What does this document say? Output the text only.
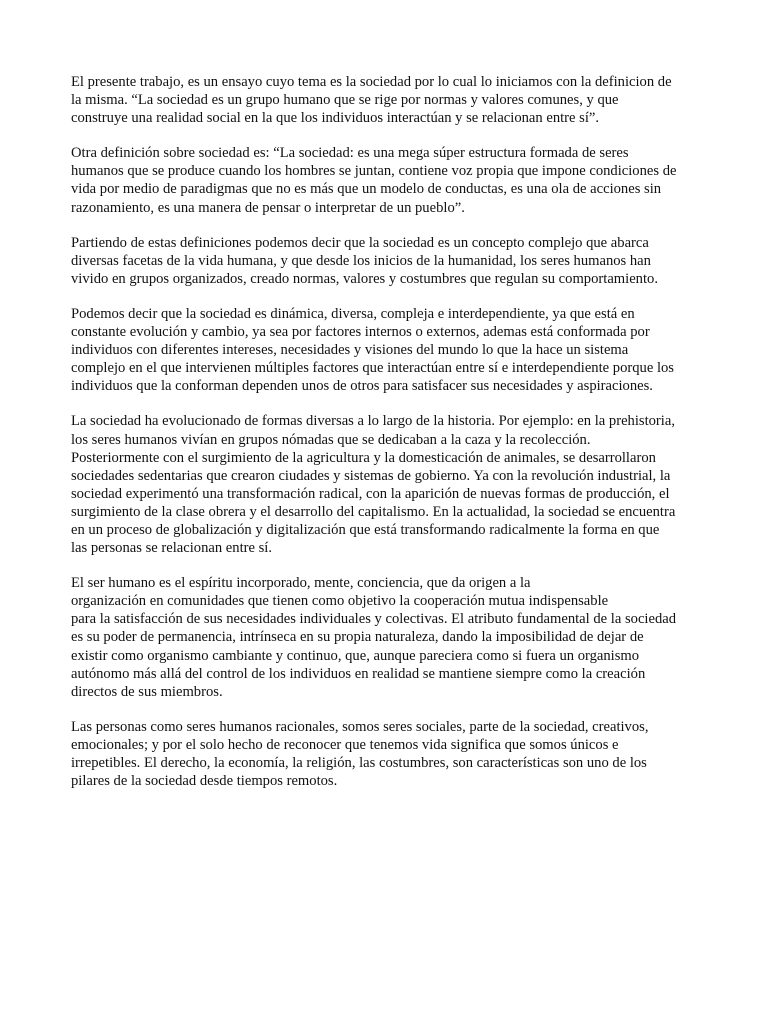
El presente trabajo, es un ensayo cuyo tema es la sociedad por lo cual lo iniciamos con la definicion de
la misma. “La sociedad es un grupo humano que se rige por normas y valores comunes, y que
construye una realidad social en la que los individuos interactúan y se relacionan entre sí”.

Otra definición sobre sociedad es: “La sociedad: es una mega súper estructura formada de seres
humanos que se produce cuando los hombres se juntan, contiene voz propia que impone condiciones de
vida por medio de paradigmas que no es más que un modelo de conductas, es una ola de acciones sin
razonamiento, es una manera de pensar o interpretar de un pueblo”.

Partiendo de estas definiciones podemos decir que la sociedad es un concepto complejo que abarca
diversas facetas de la vida humana, y que desde los inicios de la humanidad, los seres humanos han
vivido en grupos organizados, creado normas, valores y costumbres que regulan su comportamiento.

Podemos decir que la sociedad es dinámica, diversa, compleja e interdependiente, ya que está en
constante evolución y cambio, ya sea por factores internos o externos, ademas está conformada por
individuos con diferentes intereses, necesidades y visiones del mundo lo que la hace un sistema
complejo en el que intervienen múltiples factores que interactúan entre sí e interdependiente porque los
individuos que la conforman dependen unos de otros para satisfacer sus necesidades y aspiraciones.

La sociedad ha evolucionado de formas diversas a lo largo de la historia. Por ejemplo: en la prehistoria,
los seres humanos vivían en grupos nómadas que se dedicaban a la caza y la recolección.
Posteriormente con el surgimiento de la agricultura y la domesticación de animales, se desarrollaron
sociedades sedentarias que crearon ciudades y sistemas de gobierno. Ya con la revolución industrial, la
sociedad experimentó una transformación radical, con la aparición de nuevas formas de producción, el
surgimiento de la clase obrera y el desarrollo del capitalismo. En la actualidad, la sociedad se encuentra
en un proceso de globalización y digitalización que está transformando radicalmente la forma en que
las personas se relacionan entre sí.

El ser humano es el espíritu incorporado, mente, conciencia, que da origen a la
organización en comunidades que tienen como objetivo la cooperación mutua indispensable
para la satisfacción de sus necesidades individuales y colectivas. El atributo fundamental de la sociedad
es su poder de permanencia, intrínseca en su propia naturaleza, dando la imposibilidad de dejar de
existir como organismo cambiante y continuo, que, aunque pareciera como si fuera un organismo
autónomo más allá del control de los individuos en realidad se mantiene siempre como la creación
directos de sus miembros.

Las personas como seres humanos racionales, somos seres sociales, parte de la sociedad, creativos,
emocionales; y por el solo hecho de reconocer que tenemos vida significa que somos únicos e
irrepetibles. El derecho, la economía, la religión, las costumbres, son características son uno de los
pilares de la sociedad desde tiempos remotos.
